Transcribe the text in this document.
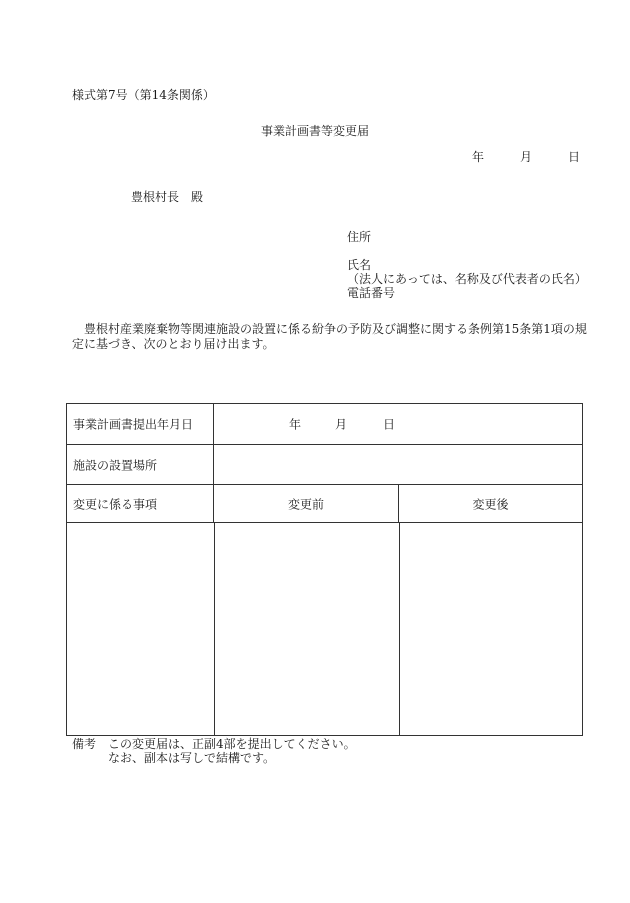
様式第7号（第14条関係）
事業計画書等変更届
年	月	日
豊根村長　殿
住所
氏名
（法人にあっては、名称及び代表者の氏名）
電話番号
豊根村産業廃棄物等関連施設の設置に係る紛争の予防及び調整に関する条例第15条第1項の規定に基づき、次のとおり届け出ます。
事業計画書提出年月日	年	月	日
施設の設置場所
変更に係る事項	変更前	変更後
備考 この変更届は、正副4部を提出してください。
なお、副本は写しで結構です。
